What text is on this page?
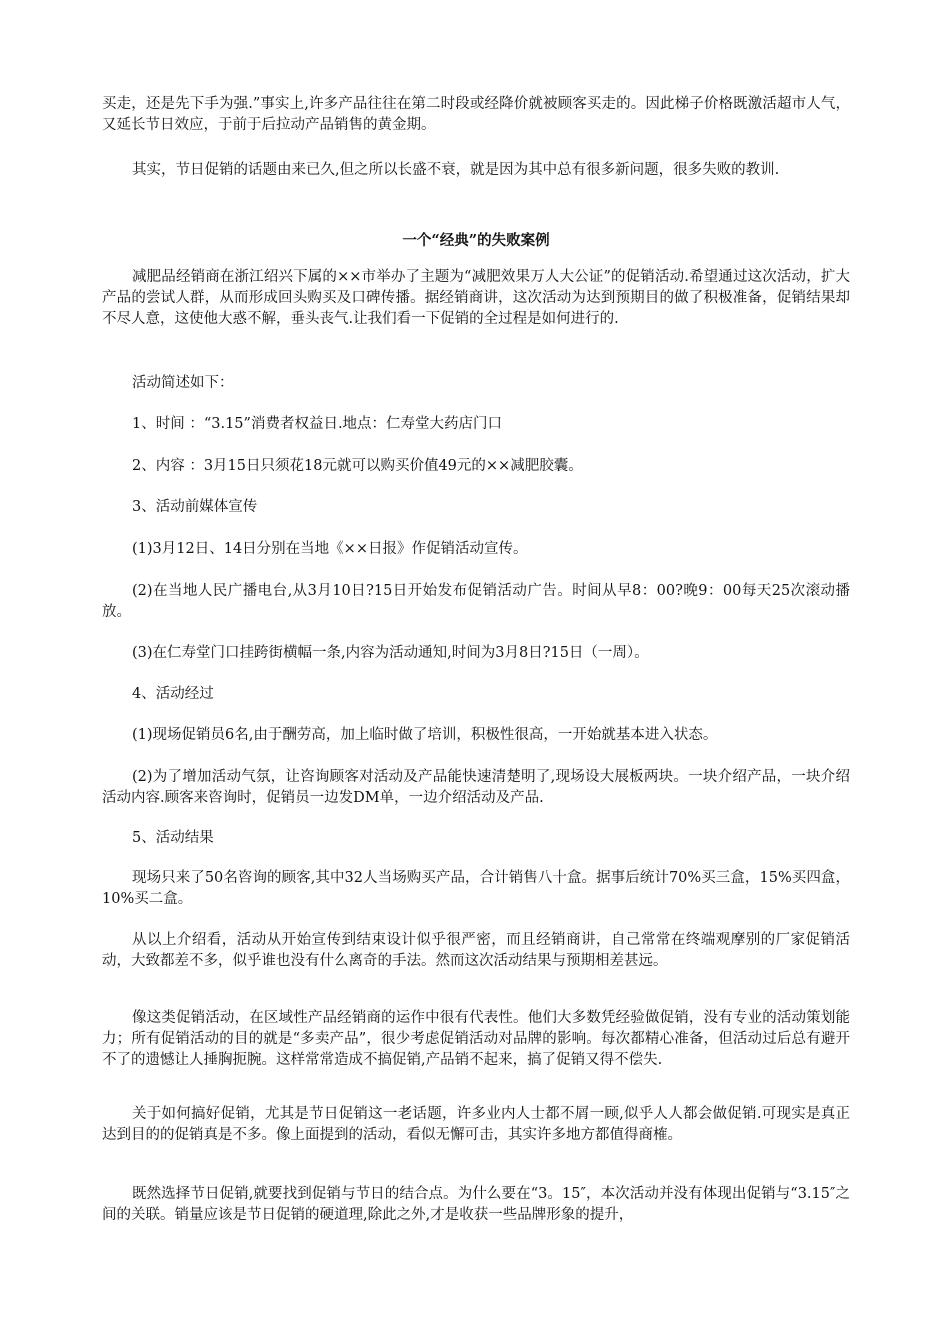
买走，还是先下手为强.”事实上,许多产品往往在第二时段或经降价就被顾客买走的。因此梯子价格既激活超市人气，又延长节日效应，于前于后拉动产品销售的黄金期。

其实，节日促销的话题由来已久,但之所以长盛不衰，就是因为其中总有很多新问题，很多失败的教训.

一个“经典”的失败案例

减肥品经销商在浙江绍兴下属的××市举办了主题为“减肥效果万人大公证”的促销活动.希望通过这次活动，扩大产品的尝试人群，从而形成回头购买及口碑传播。据经销商讲，这次活动为达到预期目的做了积极准备，促销结果却不尽人意，这使他大惑不解，垂头丧气.让我们看一下促销的全过程是如何进行的.

活动简述如下：

1、时间 ：“3.15”消费者权益日.地点：仁寿堂大药店门口

2、内容 ：3月15日只须花18元就可以购买价值49元的××减肥胶囊。

3、活动前媒体宣传

(1)3月12日、14日分别在当地《××日报》作促销活动宣传。

(2)在当地人民广播电台,从3月10日?15日开始发布促销活动广告。时间从早8：00?晚9：00每天25次滚动播放。

(3)在仁寿堂门口挂跨街横幅一条,内容为活动通知,时间为3月8日?15日（一周）。

4、活动经过

(1)现场促销员6名,由于酬劳高，加上临时做了培训，积极性很高，一开始就基本进入状态。

(2)为了增加活动气氛，让咨询顾客对活动及产品能快速清楚明了,现场设大展板两块。一块介绍产品，一块介绍活动内容.顾客来咨询时，促销员一边发DM单，一边介绍活动及产品.

5、活动结果

现场只来了50名咨询的顾客,其中32人当场购买产品，合计销售八十盒。据事后统计70%买三盒，15%买四盒，10%买二盒。

从以上介绍看，活动从开始宣传到结束设计似乎很严密，而且经销商讲，自己常常在终端观摩别的厂家促销活动，大致都差不多，似乎谁也没有什么离奇的手法。然而这次活动结果与预期相差甚远。

像这类促销活动，在区域性产品经销商的运作中很有代表性。他们大多数凭经验做促销，没有专业的活动策划能力；所有促销活动的目的就是“多卖产品”，很少考虑促销活动对品牌的影响。每次都精心准备，但活动过后总有避开不了的遗憾让人捶胸扼腕。这样常常造成不搞促销,产品销不起来，搞了促销又得不偿失.

关于如何搞好促销，尤其是节日促销这一老话题，许多业内人士都不屑一顾,似乎人人都会做促销.可现实是真正达到目的的促销真是不多。像上面提到的活动，看似无懈可击，其实许多地方都值得商榷。

既然选择节日促销,就要找到促销与节日的结合点。为什么要在“3。15″，本次活动并没有体现出促销与“3.15″之间的关联。销量应该是节日促销的硬道理,除此之外,才是收获一些品牌形象的提升，
